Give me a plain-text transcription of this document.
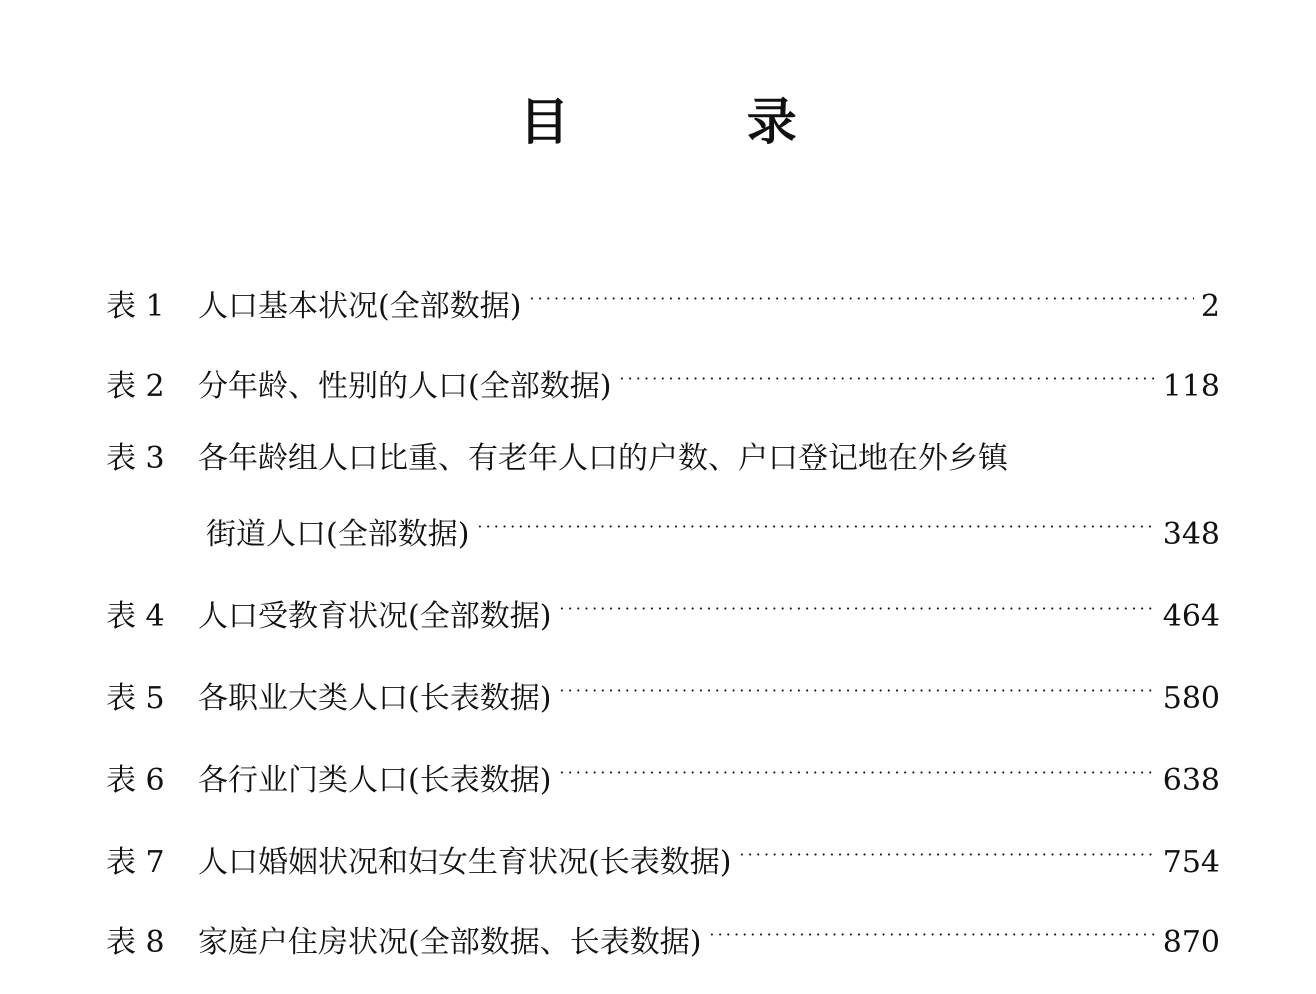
目 录
表 1	人口基本状况(全部数据) · · ·	2
表 2	分年龄、性别的人口(全部数据) · · ·	118
表 3	各年龄组人口比重、有老年人口的户数、户口登记地在外乡镇
街道人口(全部数据) · · ·	348
表 4	人口受教育状况(全部数据) · · ·	464
表 5	各职业大类人口(长表数据) · · ·	580
表 6	各行业门类人口(长表数据) · · ·	638
表 7	人口婚姻状况和妇女生育状况(长表数据) · · ·	754
表 8	家庭户住房状况(全部数据、长表数据) · · ·	870
